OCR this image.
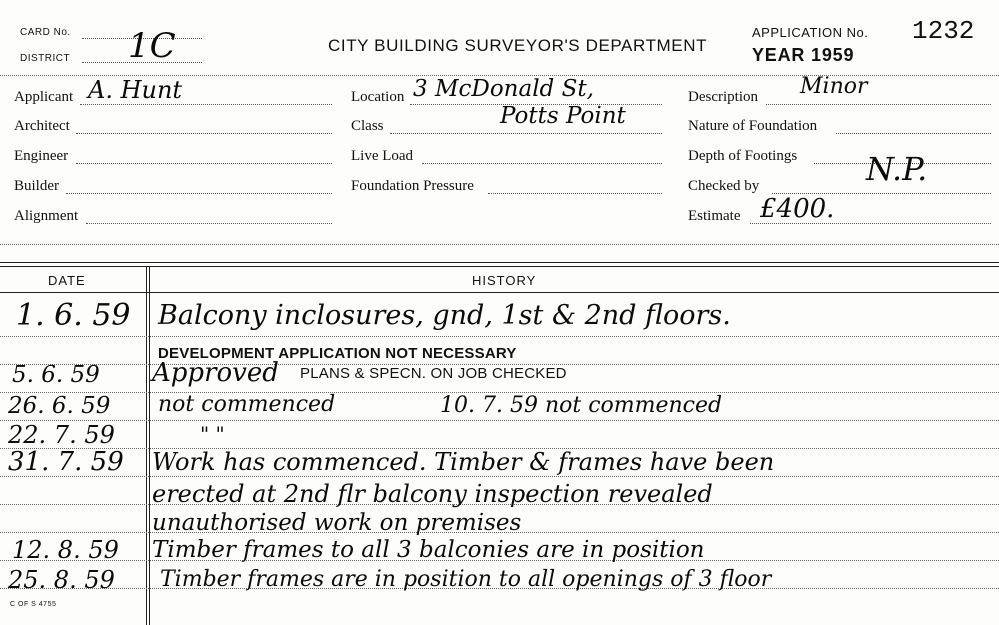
CARD No.
DISTRICT 1C	CITY BUILDING SURVEYOR'S DEPARTMENT
APPLICATION No. 1232
YEAR 1959
Applicant A. Hunt
Architect
Engineer
Builder
Alignment
Location 3 McDonald St,
Potts Point
Class
Live Load
Foundation Pressure
Description Minor
Nature of Foundation
Depth of Footings
Checked by	N.P.
Estimate £400.
DATE	HISTORY
1. 6. 59 Balcony inclosures, gnd, 1st & 2nd floors.
DEVELOPMENT APPLICATION NOT NECESSARY
5. 6. 59 Approved PLANS & SPECN. ON JOB CHECKED
26. 6. 59 not commenced	10. 7. 59 not commenced
22. 7. 59	" "
31. 7. 59 Work has commenced. Timber & frames have been
erected at 2nd flr balcony inspection revealed
unauthorised work on premises
12. 8. 59 Timber frames to all 3 balconies are in position
25. 8. 59 Timber frames are in position to all openings of 3 floor
C OF S 4755
